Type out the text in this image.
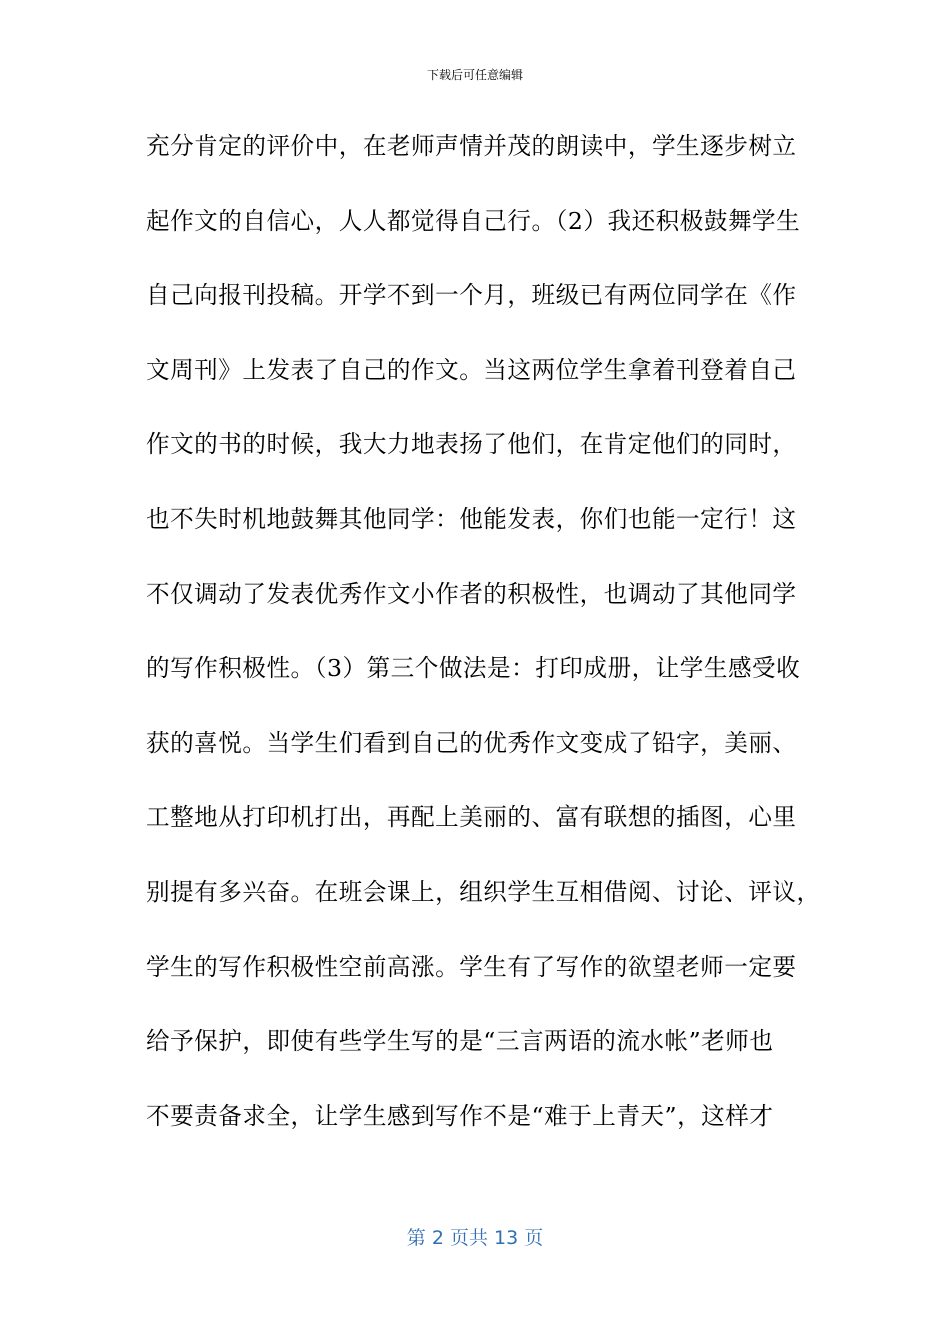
下载后可任意编辑
充分肯定的评价中，在老师声情并茂的朗读中，学生逐步树立
起作文的自信心，人人都觉得自己行。（2）我还积极鼓舞学生
自己向报刊投稿。开学不到一个月，班级已有两位同学在《作
文周刊》上发表了自己的作文。当这两位学生拿着刊登着自己
作文的书的时候，我大力地表扬了他们，在肯定他们的同时，
也不失时机地鼓舞其他同学：他能发表，你们也能一定行！这
不仅调动了发表优秀作文小作者的积极性，也调动了其他同学
的写作积极性。（3）第三个做法是：打印成册，让学生感受收
获的喜悦。当学生们看到自己的优秀作文变成了铅字，美丽、
工整地从打印机打出，再配上美丽的、富有联想的插图，心里
别提有多兴奋。在班会课上，组织学生互相借阅、讨论、评议，
学生的写作积极性空前高涨。学生有了写作的欲望老师一定要
给予保护，即使有些学生写的是“三言两语的流水帐”老师也
不要责备求全，让学生感到写作不是“难于上青天”，这样才
第 2 页共 13 页
